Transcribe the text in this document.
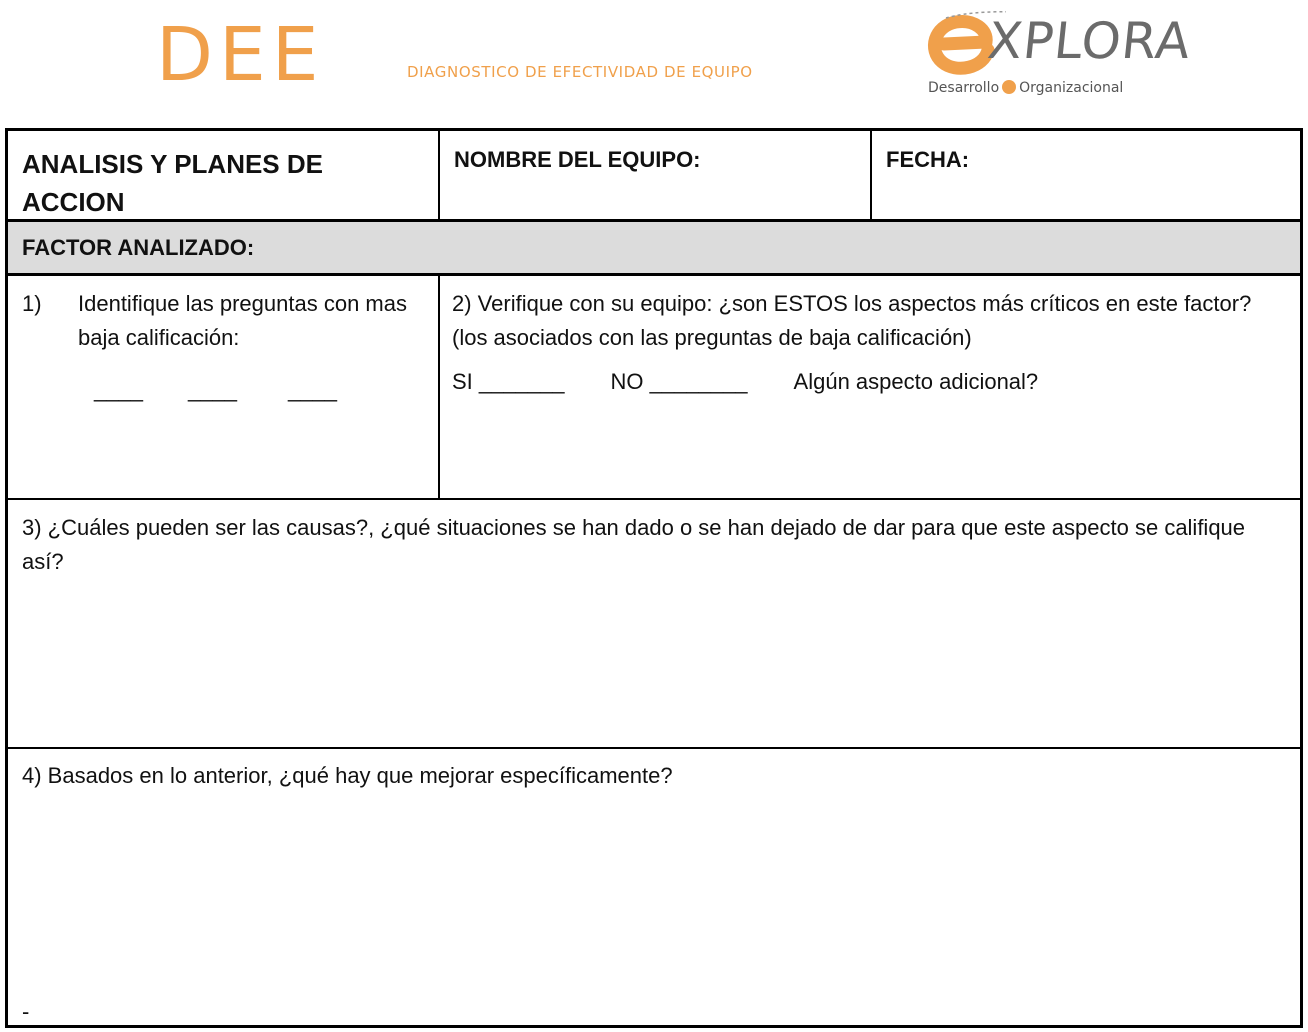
DEE	DIAGNOSTICO DE EFECTIVIDAD DE EQUIPO
XPLORA
Desarrollo Organizacional
ANALISIS Y PLANES DE ACCION
NOMBRE DEL EQUIPO:	FECHA:
FACTOR ANALIZADO:
1) Identifique las preguntas con mas baja calificación:
____ ____ ____
2) Verifique con su equipo: ¿son ESTOS los aspectos más críticos en este factor? (los asociados con las preguntas de baja calificación)
SI _______ NO ________ Algún aspecto adicional?
3) ¿Cuáles pueden ser las causas?, ¿qué situaciones se han dado o se han dejado de dar para que este aspecto se califique así?
4) Basados en lo anterior, ¿qué hay que mejorar específicamente?
-
